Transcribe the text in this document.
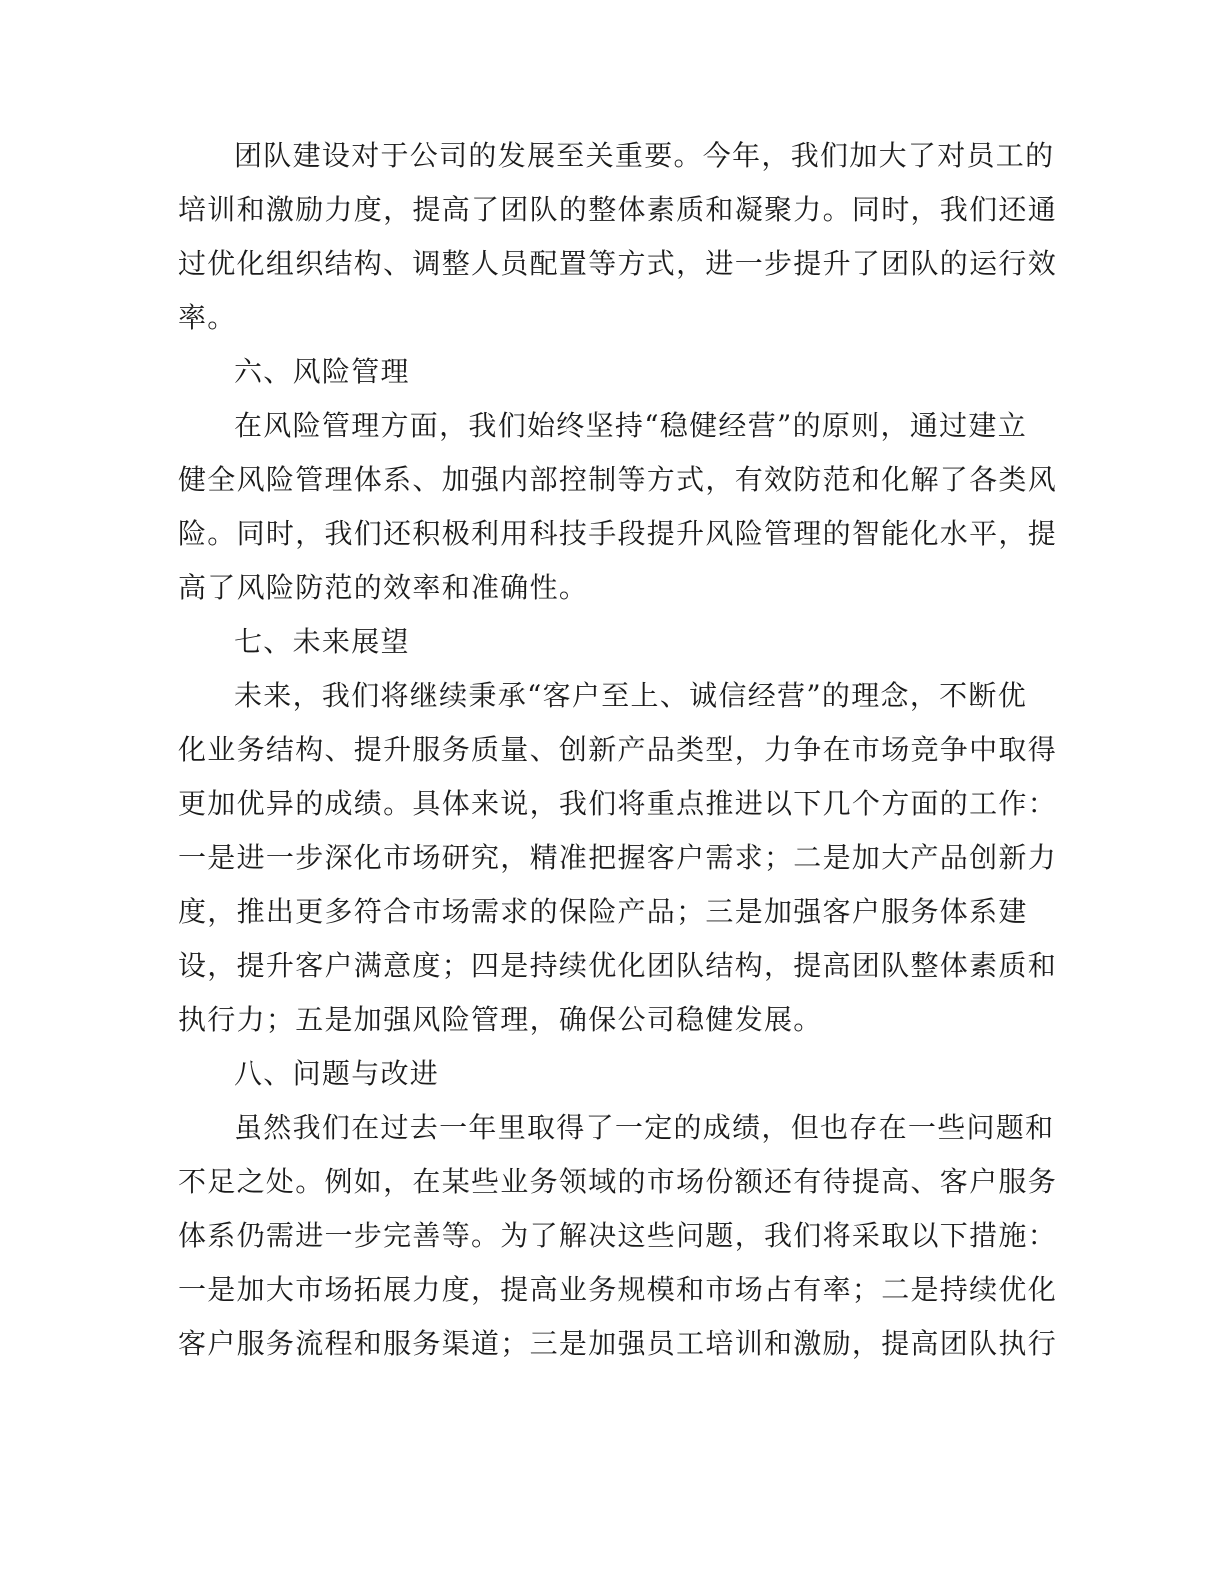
团队建设对于公司的发展至关重要。今年，我们加大了对员工的

培训和激励力度，提高了团队的整体素质和凝聚力。同时，我们还通

过优化组织结构、调整人员配置等方式，进一步提升了团队的运行效

率。

六、风险管理

在风险管理方面，我们始终坚持“稳健经营”的原则，通过建立

健全风险管理体系、加强内部控制等方式，有效防范和化解了各类风

险。同时，我们还积极利用科技手段提升风险管理的智能化水平，提

高了风险防范的效率和准确性。

七、未来展望

未来，我们将继续秉承“客户至上、诚信经营”的理念，不断优

化业务结构、提升服务质量、创新产品类型，力争在市场竞争中取得

更加优异的成绩。具体来说，我们将重点推进以下几个方面的工作：

一是进一步深化市场研究，精准把握客户需求；二是加大产品创新力

度，推出更多符合市场需求的保险产品；三是加强客户服务体系建

设，提升客户满意度；四是持续优化团队结构，提高团队整体素质和

执行力；五是加强风险管理，确保公司稳健发展。

八、问题与改进

虽然我们在过去一年里取得了一定的成绩，但也存在一些问题和

不足之处。例如，在某些业务领域的市场份额还有待提高、客户服务

体系仍需进一步完善等。为了解决这些问题，我们将采取以下措施：

一是加大市场拓展力度，提高业务规模和市场占有率；二是持续优化

客户服务流程和服务渠道；三是加强员工培训和激励，提高团队执行
